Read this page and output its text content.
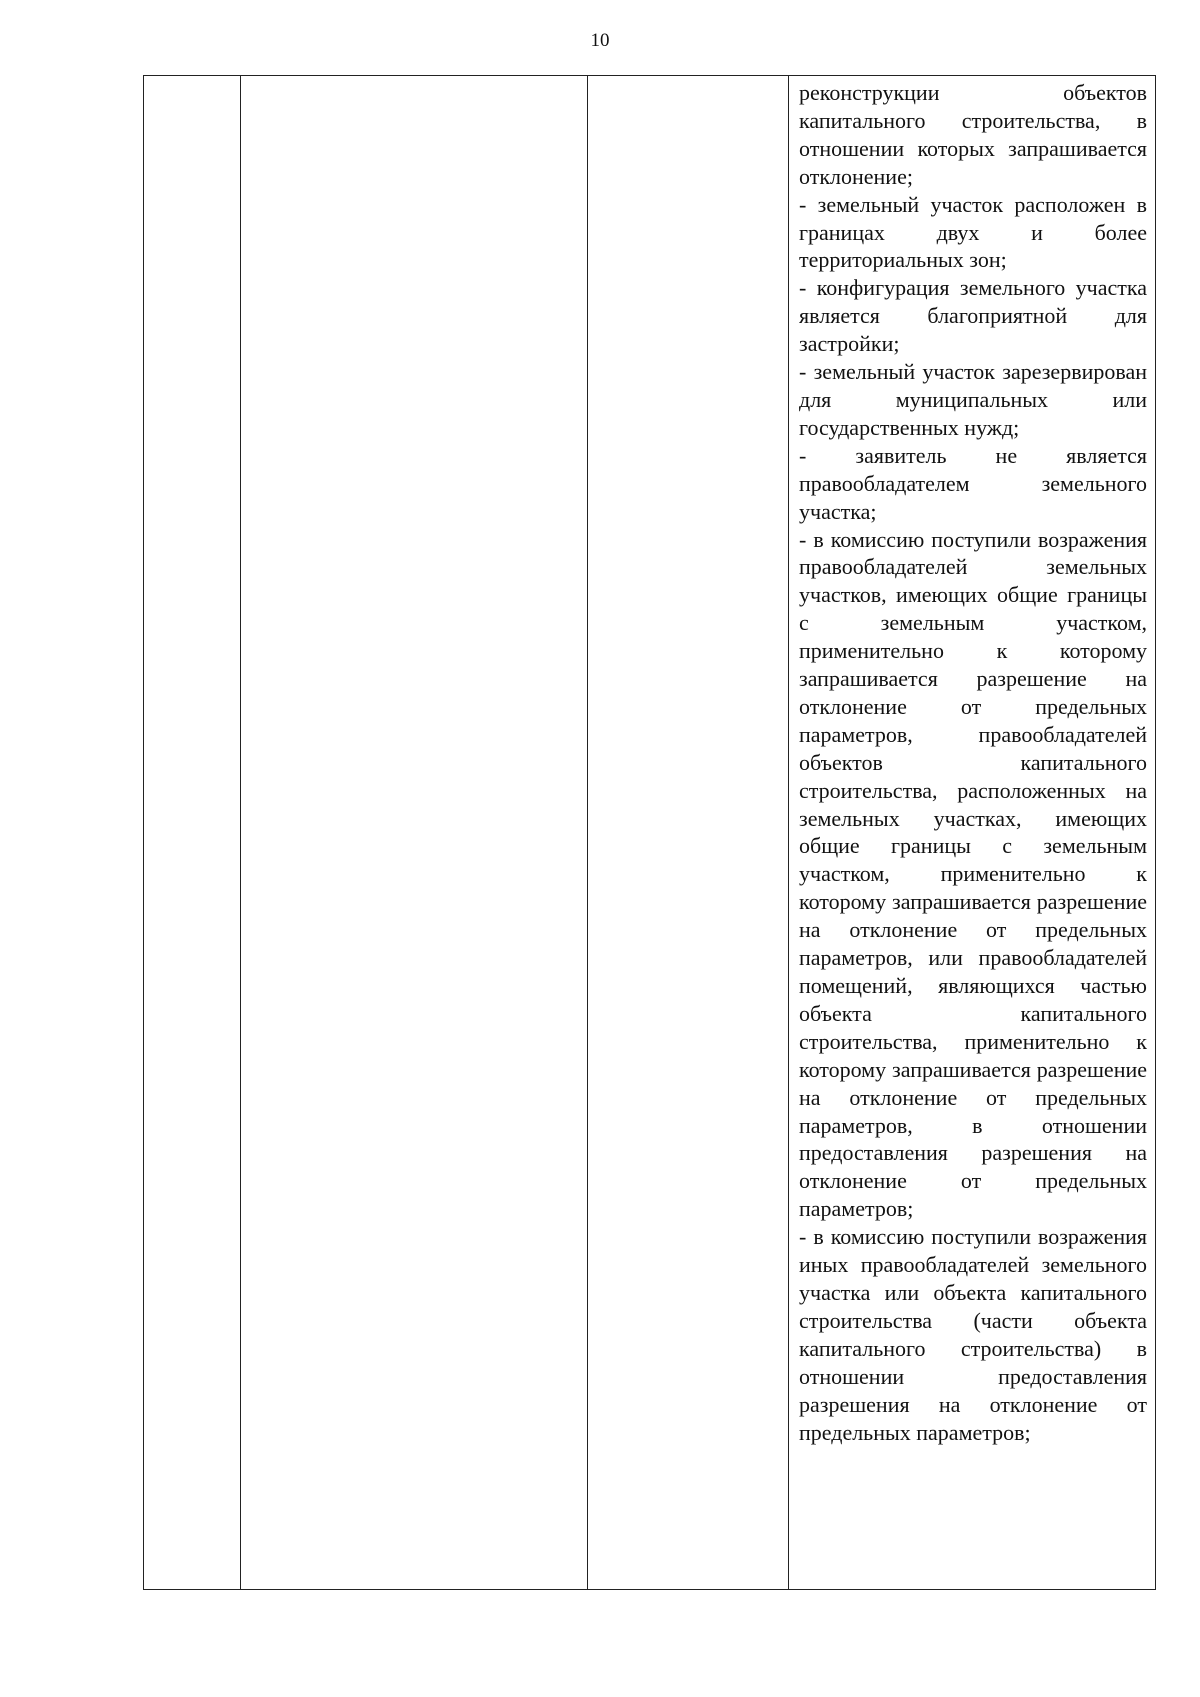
10

реконструкции объектов капитального строительства, в отношении которых запрашивается отклонение;

- земельный участок расположен в границах двух и более территориальных зон;

- конфигурация земельного участка является благоприятной для застройки;

- земельный участок зарезервирован для муниципальных или государственных нужд;

- заявитель не является правообладателем земельного участка;

- в комиссию поступили возражения правообладателей земельных участков, имеющих общие границы с земельным участком, применительно к которому запрашивается разрешение на отклонение от предельных параметров, правообладателей объектов капитального строительства, расположенных на земельных участках, имеющих общие границы с земельным участком, применительно к которому запрашивается разрешение на отклонение от предельных параметров, или правообладателей помещений, являющихся частью объекта капитального строительства, применительно к которому запрашивается разрешение на отклонение от предельных параметров, в отношении предоставления разрешения на отклонение от предельных параметров;

- в комиссию поступили возражения иных правообладателей земельного участка или объекта капитального строительства (части объекта капитального строительства) в отношении предоставления разрешения на отклонение от предельных параметров;
